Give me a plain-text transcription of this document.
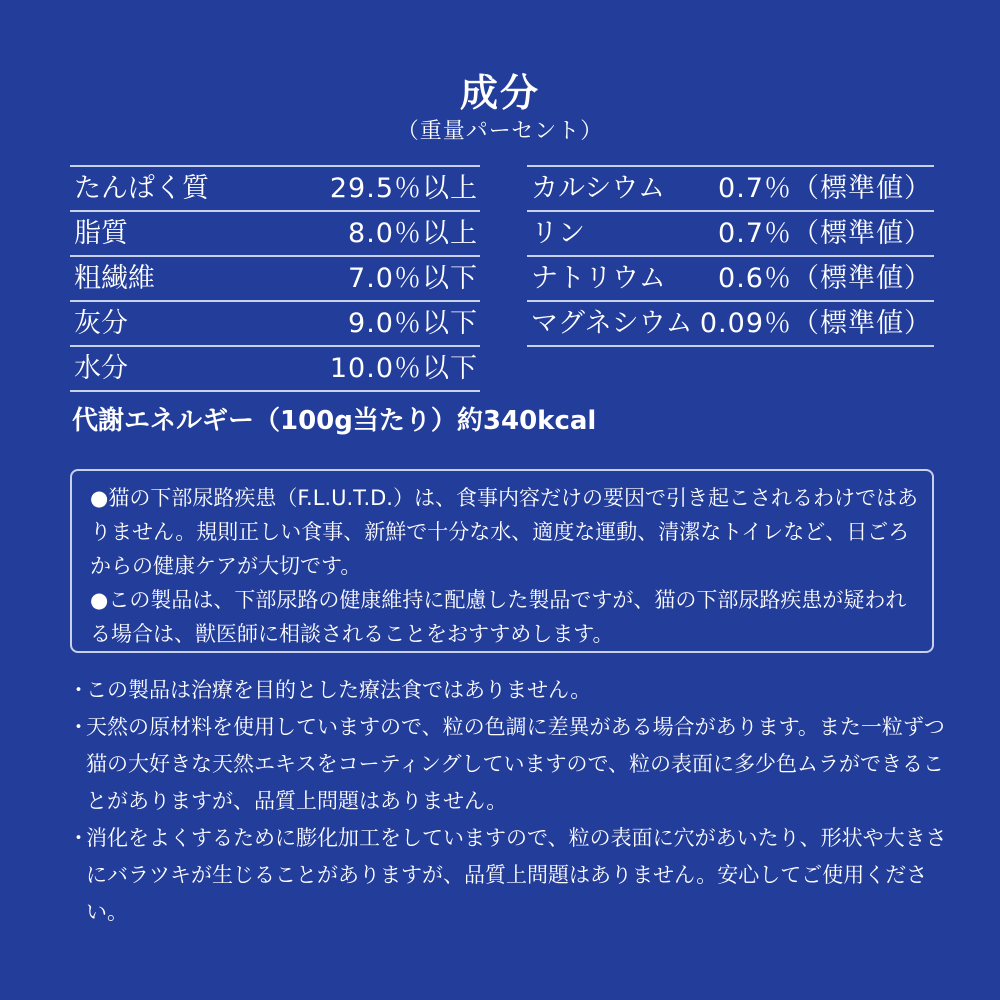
成分
（重量パーセント）
たんぱく質	29.5％以上
脂質	8.0％以上
粗繊維	7.0％以下
灰分	9.0％以下
水分	10.0％以下
カルシウム 0.7％（標準値）
リン	0.7％（標準値）
ナトリウム 0.6％（標準値）
マグネシウム 0.09％（標準値）
代謝エネルギー（100g当たり）約340kcal

●猫の下部尿路疾患（F.L.U.T.D.）は、食事内容だけの要因で引き起こされるわけではありません。規則正しい食事、新鮮で十分な水、適度な運動、清潔なトイレなど、日ごろからの健康ケアが大切です。

●この製品は、下部尿路の健康維持に配慮した製品ですが、猫の下部尿路疾患が疑われる場合は、獣医師に相談されることをおすすめします。

・
この製品は治療を目的とした療法食ではありません。
・
天然の原材料を使用していますので、粒の色調に差異がある場合があります。また一粒ずつ猫の大好きな天然エキスをコーティングしていますので、粒の表面に多少色ムラができることがありますが、品質上問題はありません。
・
消化をよくするために膨化加工をしていますので、粒の表面に穴があいたり、形状や大きさにバラツキが生じることがありますが、品質上問題はありません。安心してご使用ください。
